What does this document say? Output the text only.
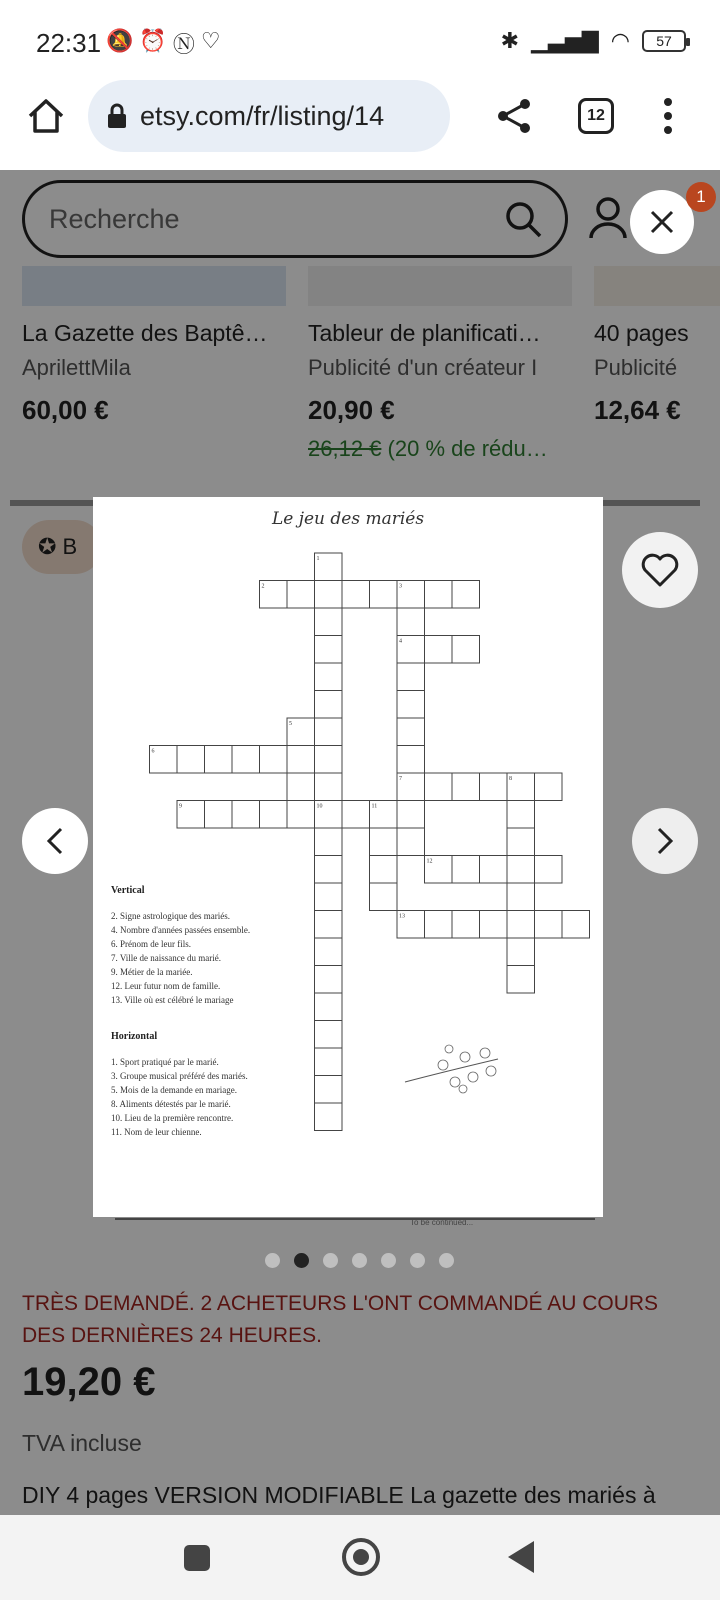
22:31 🔕 ⏰ Ⓝ ♡	✱ ▁▃▅▇ ◠ 57
etsy.com/fr/listing/14	12
Recherche
La Gazette des Baptê…
AprilettMila
60,00 €
Tableur de planificati…
Publicité d'un créateur I
20,90 €
26,12 € (20 % de rédu…
40 pages
Publicité
12,64 €
✪ B
TRÈS DEMANDÉ. 2 ACHETEURS L'ONT COMMANDÉ AU COURS DES DERNIÈRES 24 HEURES.
19,20 €
TVA incluse
DIY 4 pages VERSION MODIFIABLE La gazette des mariés à
1
Le jeu des mariés
1
2	3
4
5
6
7	8
9	10	11
12
13
Vertical
2. Signe astrologique des mariés.
4. Nombre d'années passées ensemble.
6. Prénom de leur fils.
7. Ville de naissance du marié.
9. Métier de la mariée.
12. Leur futur nom de famille.
13. Ville où est célébré le mariage
Horizontal
1. Sport pratiqué par le marié.
3. Groupe musical préféré des mariés.
5. Mois de la demande en mariage.
8. Aliments détestés par le marié.
10. Lieu de la première rencontre.
11. Nom de leur chienne.
To be continued...
